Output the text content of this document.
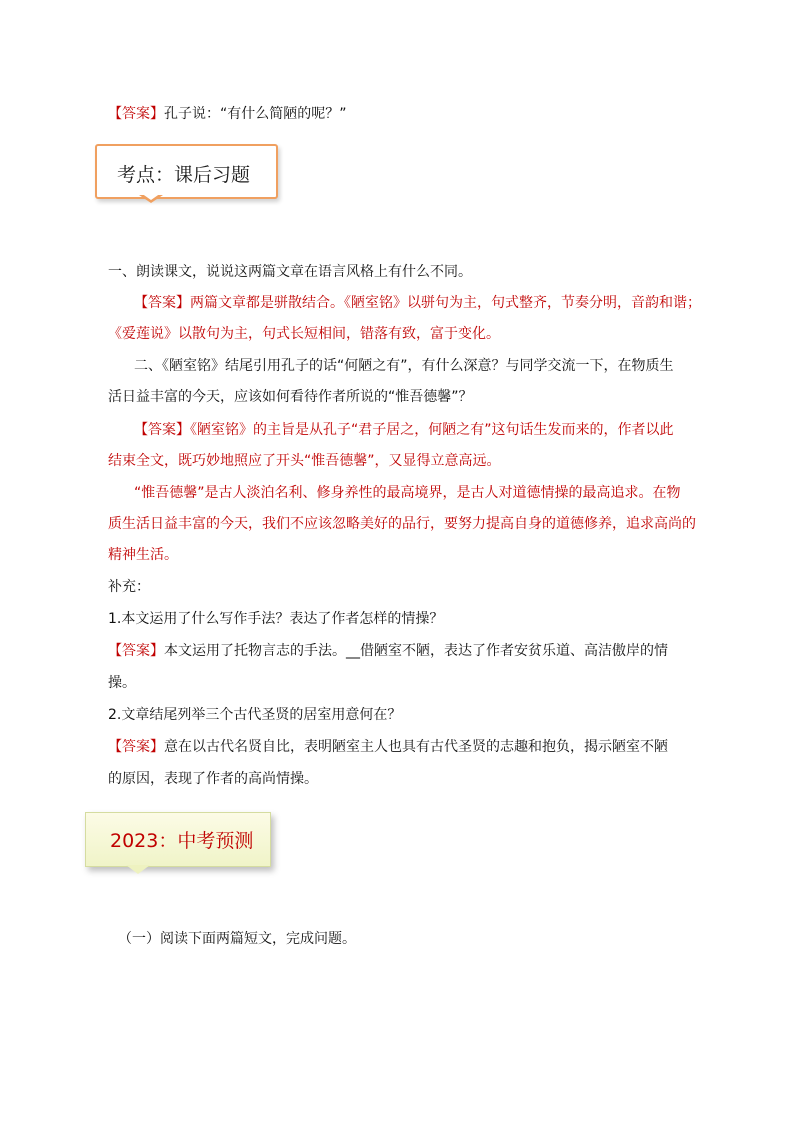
【答案】孔子说：“有什么简陋的呢？”
考点：课后习题
一、朗读课文，说说这两篇文章在语言风格上有什么不同。
【答案】两篇文章都是骈散结合。《陋室铭》以骈句为主，句式整齐，节奏分明，音韵和谐；
《爱莲说》以散句为主，句式长短相间，错落有致，富于变化。
二、《陋室铭》结尾引用孔子的话“何陋之有”，有什么深意？与同学交流一下，在物质生
活日益丰富的今天，应该如何看待作者所说的“惟吾德馨”？
【答案】《陋室铭》的主旨是从孔子“君子居之，何陋之有”这句话生发而来的，作者以此
结束全文，既巧妙地照应了开头“惟吾德馨”，又显得立意高远。
“惟吾德馨”是古人淡泊名利、修身养性的最高境界，是古人对道德情操的最高追求。在物
质生活日益丰富的今天，我们不应该忽略美好的品行，要努力提高自身的道德修养，追求高尚的
精神生活。
补充：
1.本文运用了什么写作手法？表达了作者怎样的情操？
【答案】本文运用了托物言志的手法。__借陋室不陋，表达了作者安贫乐道、高洁傲岸的情
操。
2.文章结尾列举三个古代圣贤的居室用意何在？
【答案】意在以古代名贤自比，表明陋室主人也具有古代圣贤的志趣和抱负，揭示陋室不陋
的原因，表现了作者的高尚情操。
2023：中考预测
（一）阅读下面两篇短文，完成问题。
